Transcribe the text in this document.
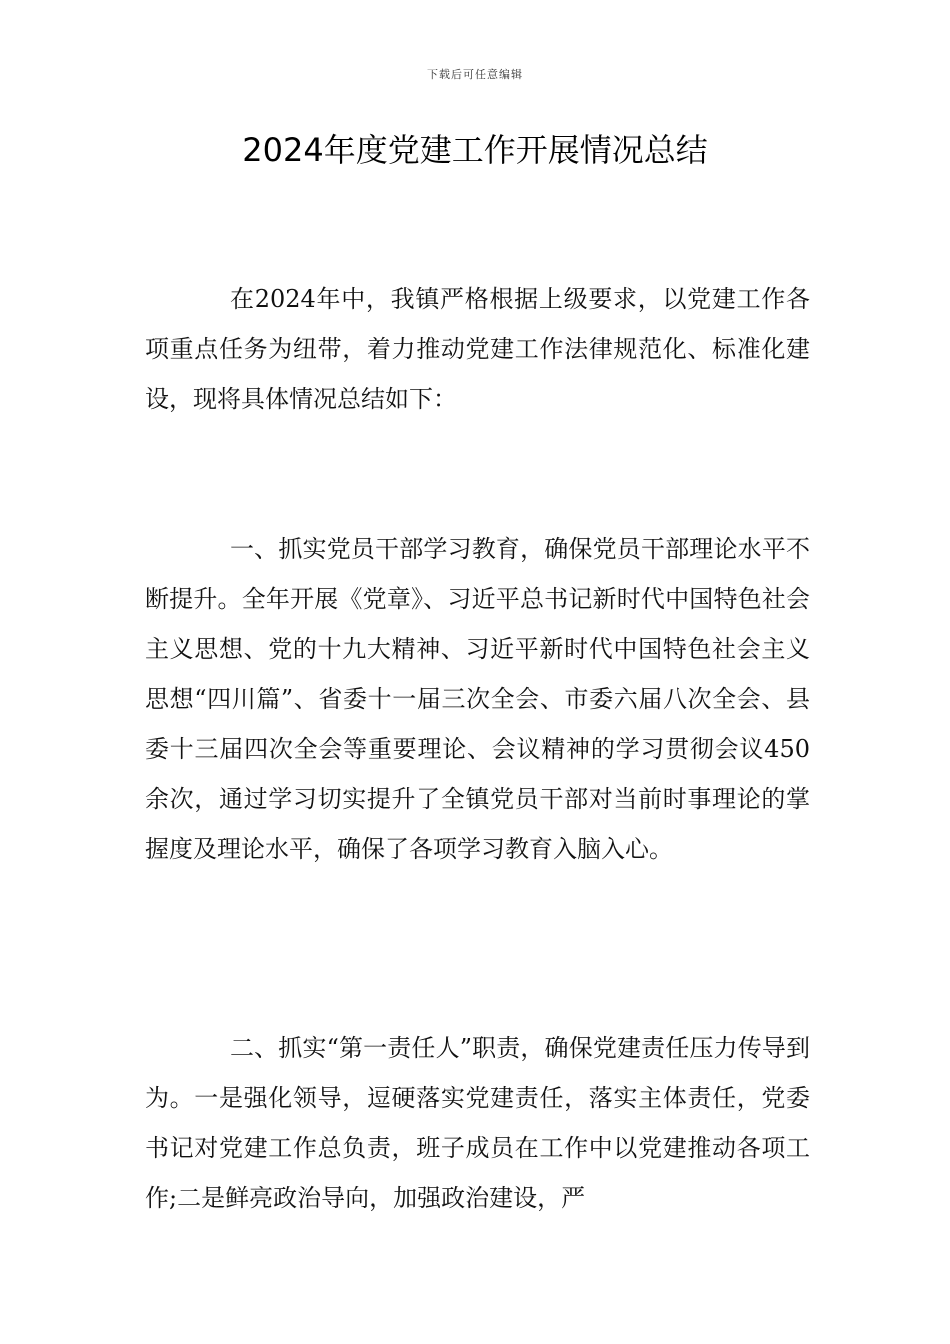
下载后可任意编辑
2024年度党建工作开展情况总结

在2024年中，我镇严格根据上级要求，以党建工作各项重点任务为纽带，着力推动党建工作法律规范化、标准化建设，现将具体情况总结如下：

一、抓实党员干部学习教育，确保党员干部理论水平不断提升。全年开展《党章》、习近平总书记新时代中国特色社会主义思想、党的十九大精神、习近平新时代中国特色社会主义思想“四川篇”、省委十一届三次全会、市委六届八次全会、县委十三届四次全会等重要理论、会议精神的学习贯彻会议450余次，通过学习切实提升了全镇党员干部对当前时事理论的掌握度及理论水平，确保了各项学习教育入脑入心。

二、抓实“第一责任人”职责，确保党建责任压力传导到为。一是强化领导，逗硬落实党建责任，落实主体责任，党委书记对党建工作总负责，班子成员在工作中以党建推动各项工作;二是鲜亮政治导向，加强政治建设，严
